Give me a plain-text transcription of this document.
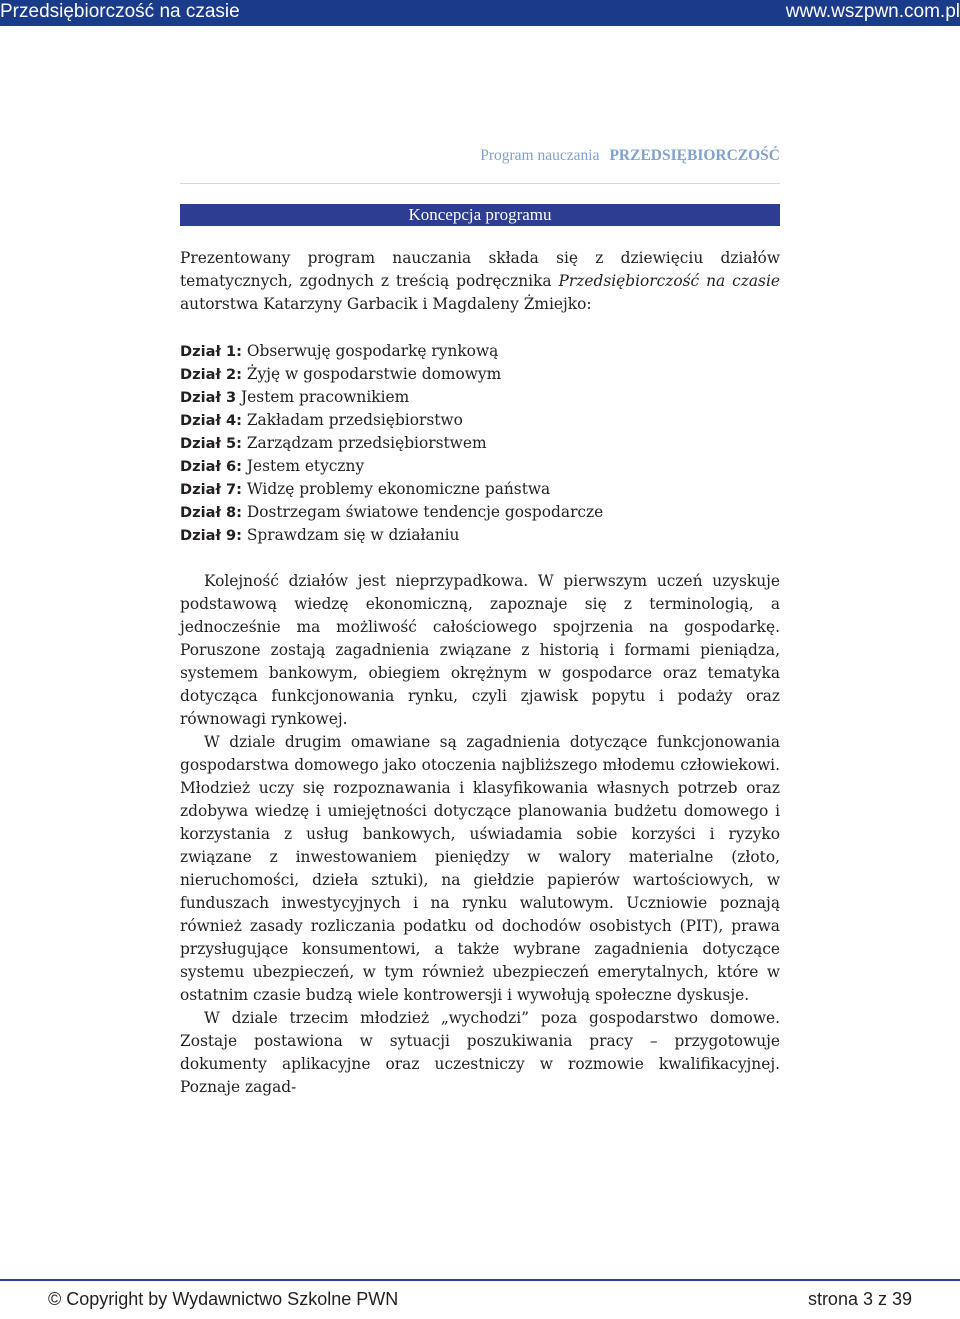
Przedsiębiorczość na czasie	www.wszpwn.com.pl
Program nauczania PRZEDSIĘBIORCZOŚĆ
Koncepcja programu

Prezentowany program nauczania składa się z dziewięciu działów tematycznych, zgodnych z treścią podręcznika Przedsiębiorczość na czasie autorstwa Katarzyny Garbacik i Magdaleny Żmiejko:

Dział 1: Obserwuję gospodarkę rynkową
Dział 2: Żyję w gospodarstwie domowym
Dział 3 Jestem pracownikiem
Dział 4: Zakładam przedsiębiorstwo
Dział 5: Zarządzam przedsiębiorstwem
Dział 6: Jestem etyczny
Dział 7: Widzę problemy ekonomiczne państwa
Dział 8: Dostrzegam światowe tendencje gospodarcze
Dział 9: Sprawdzam się w działaniu

Kolejność działów jest nieprzypadkowa. W pierwszym uczeń uzyskuje podstawową wiedzę ekonomiczną, zapoznaje się z terminologią, a jednocześnie ma możliwość całościowego spojrzenia na gospodarkę. Poruszone zostają zagadnienia związane z historią i formami pieniądza, systemem bankowym, obiegiem okrężnym w gospodarce oraz tematyka dotycząca funkcjonowania rynku, czyli zjawisk popytu i podaży oraz równowagi rynkowej.

W dziale drugim omawiane są zagadnienia dotyczące funkcjonowania gospodarstwa domowego jako otoczenia najbliższego młodemu człowiekowi. Młodzież uczy się rozpoznawania i klasyfikowania własnych potrzeb oraz zdobywa wiedzę i umiejętności dotyczące planowania budżetu domowego i korzystania z usług bankowych, uświadamia sobie korzyści i ryzyko związane z inwestowaniem pieniędzy w walory materialne (złoto, nieruchomości, dzieła sztuki), na giełdzie papierów wartościowych, w funduszach inwestycyjnych i na rynku walutowym. Uczniowie poznają również zasady rozliczania podatku od dochodów osobistych (PIT), prawa przysługujące konsumentowi, a także wybrane zagadnienia dotyczące systemu ubezpieczeń, w tym również ubezpieczeń emerytalnych, które w ostatnim czasie budzą wiele kontrowersji i wywołują społeczne dyskusje.

W dziale trzecim młodzież „wychodzi” poza gospodarstwo domowe. Zostaje postawiona w sytuacji poszukiwania pracy – przygotowuje dokumenty aplikacyjne oraz uczestniczy w rozmowie kwalifikacyjnej. Poznaje zagad-

© Copyright by Wydawnictwo Szkolne PWN	strona 3 z 39
